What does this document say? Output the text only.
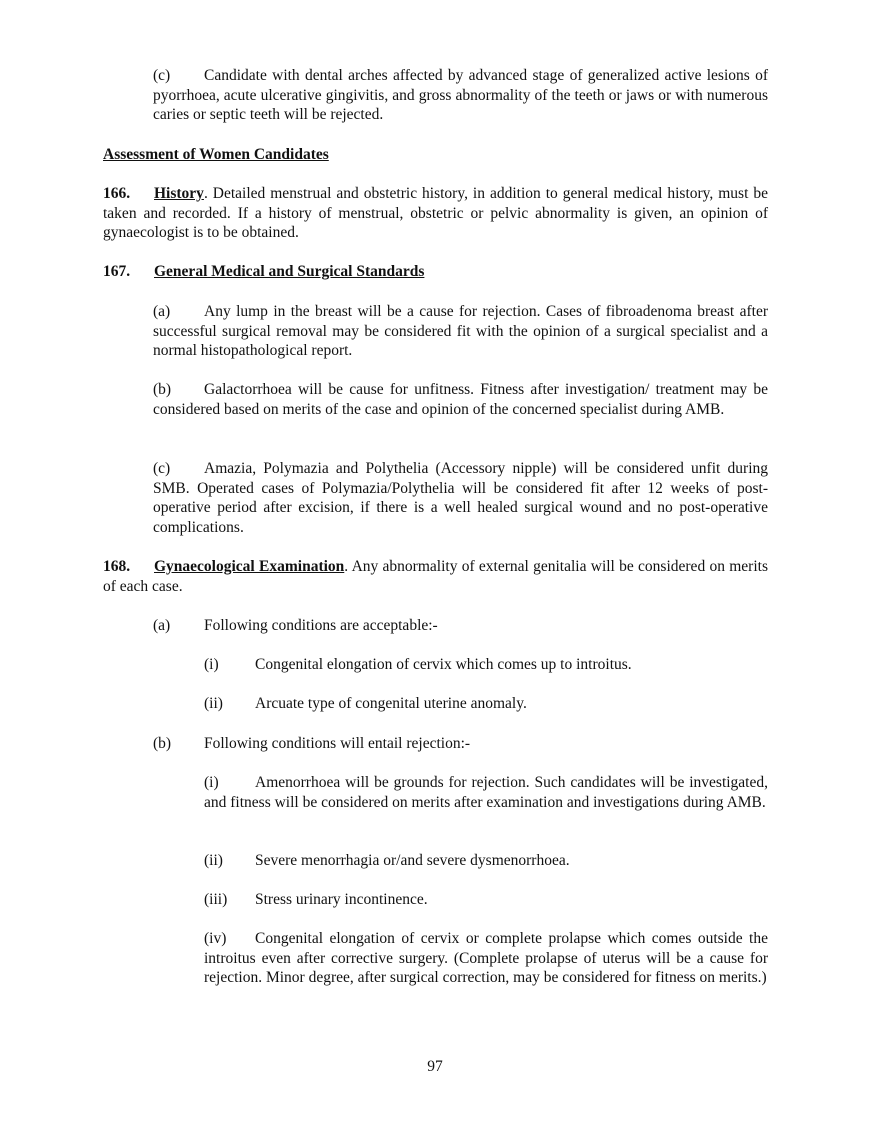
(c) Candidate with dental arches affected by advanced stage of generalized active lesions of pyorrhoea, acute ulcerative gingivitis, and gross abnormality of the teeth or jaws or with numerous caries or septic teeth will be rejected.

Assessment of Women Candidates

166. History. Detailed menstrual and obstetric history, in addition to general medical history, must be taken and recorded. If a history of menstrual, obstetric or pelvic abnormality is given, an opinion of gynaecologist is to be obtained.

167. General Medical and Surgical Standards

(a) Any lump in the breast will be a cause for rejection. Cases of fibroadenoma breast after successful surgical removal may be considered fit with the opinion of a surgical specialist and a normal histopathological report.

(b) Galactorrhoea will be cause for unfitness. Fitness after investigation/ treatment may be considered based on merits of the case and opinion of the concerned specialist during AMB.

(c) Amazia, Polymazia and Polythelia (Accessory nipple) will be considered unfit during SMB. Operated cases of Polymazia/Polythelia will be considered fit after 12 weeks of post-operative period after excision, if there is a well healed surgical wound and no post-operative complications.

168. Gynaecological Examination. Any abnormality of external genitalia will be considered on merits of each case.

(a) Following conditions are acceptable:-

(i) Congenital elongation of cervix which comes up to introitus.

(ii) Arcuate type of congenital uterine anomaly.

(b) Following conditions will entail rejection:-

(i) Amenorrhoea will be grounds for rejection. Such candidates will be investigated, and fitness will be considered on merits after examination and investigations during AMB.

(ii) Severe menorrhagia or/and severe dysmenorrhoea.

(iii) Stress urinary incontinence.

(iv) Congenital elongation of cervix or complete prolapse which comes outside the introitus even after corrective surgery. (Complete prolapse of uterus will be a cause for rejection. Minor degree, after surgical correction, may be considered for fitness on merits.)

97
